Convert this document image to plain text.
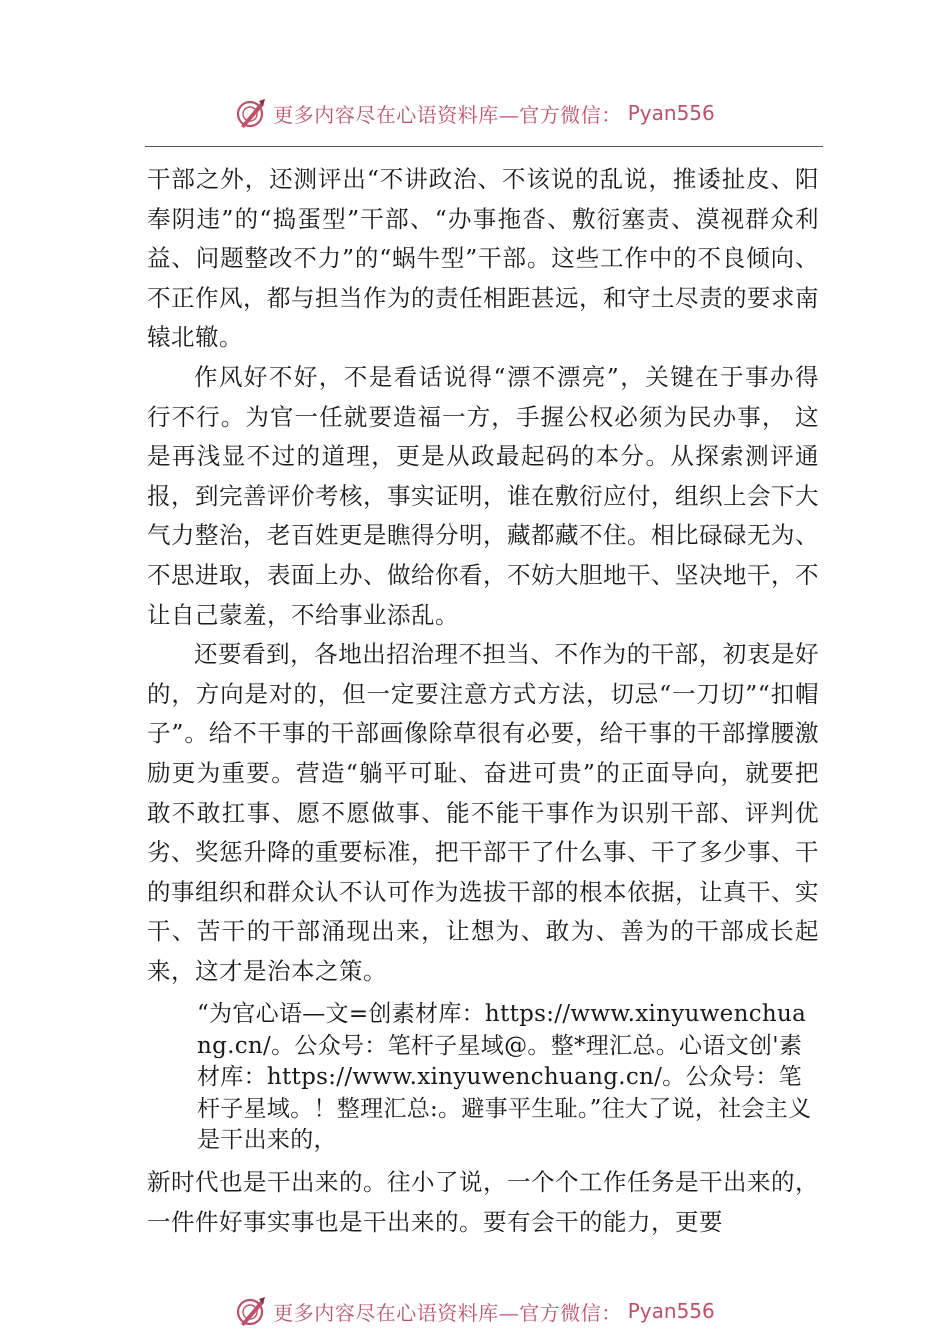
更多内容尽在心语资料库—官方微信： Pyan556

干部之外，还测评出“不讲政治、不该说的乱说，推诿扯皮、阳奉阴违”的“捣蛋型”干部、“办事拖沓、敷衍塞责、漠视群众利益、问题整改不力”的“蜗牛型”干部。这些工作中的不良倾向、不正作风，都与担当作为的责任相距甚远，和守土尽责的要求南辕北辙。

作风好不好，不是看话说得“漂不漂亮”，关键在于事办得行不行。为官一任就要造福一方，手握公权必须为民办事， 这是再浅显不过的道理，更是从政最起码的本分。从探索测评通报，到完善评价考核，事实证明，谁在敷衍应付，组织上会下大气力整治，老百姓更是瞧得分明，藏都藏不住。相比碌碌无为、不思进取，表面上办、做给你看，不妨大胆地干、坚决地干，不让自己蒙羞，不给事业添乱。

还要看到，各地出招治理不担当、不作为的干部，初衷是好的，方向是对的，但一定要注意方式方法，切忌“一刀切”“扣帽子”。给不干事的干部画像除草很有必要，给干事的干部撑腰激励更为重要。营造“躺平可耻、奋进可贵”的正面导向，就要把敢不敢扛事、愿不愿做事、能不能干事作为识别干部、评判优劣、奖惩升降的重要标准，把干部干了什么事、干了多少事、干的事组织和群众认不认可作为选拔干部的根本依据，让真干、实干、苦干的干部涌现出来，让想为、敢为、善为的干部成长起来，这才是治本之策。

“为官心语—文=创素材库：https://www.xinyuwenchuang.cn/。公众号：笔杆子星域@。整*理汇总。心语文创'素材库：https://www.xinyuwenchuang.cn/。公众号：笔杆子星域。！整理汇总:。避事平生耻。”往大了说，社会主义是干出来的，

新时代也是干出来的。往小了说，一个个工作任务是干出来的，一件件好事实事也是干出来的。要有会干的能力，更要

更多内容尽在心语资料库—官方微信： Pyan556
